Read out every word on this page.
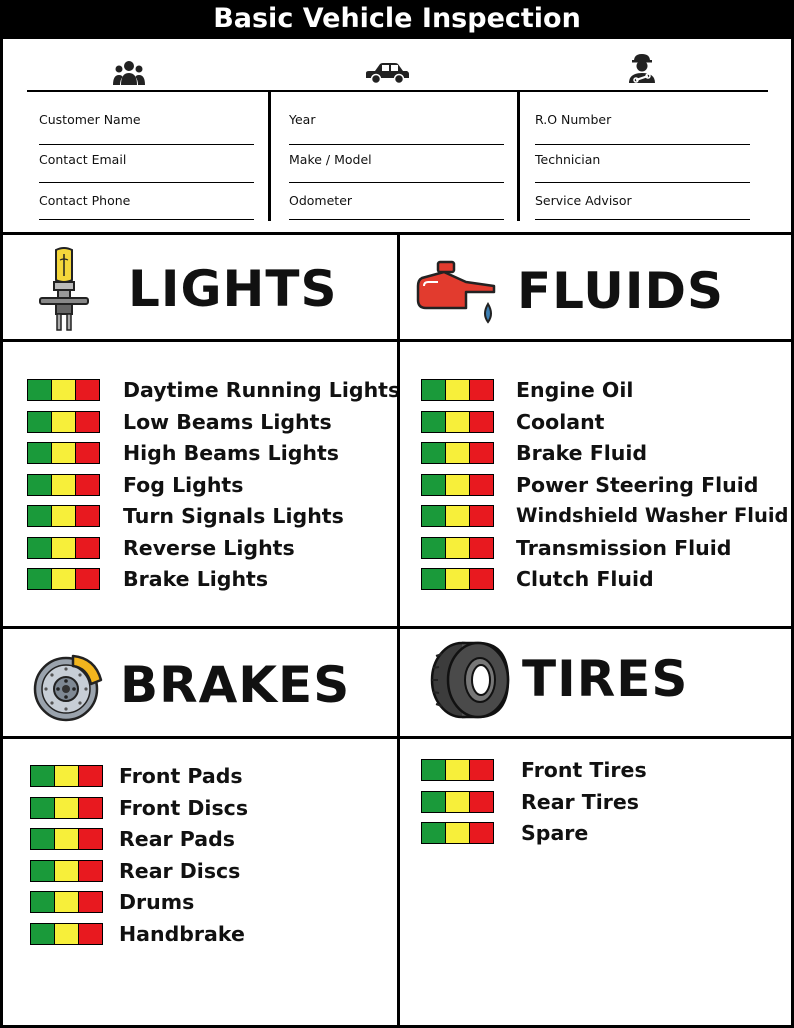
Basic Vehicle Inspection
Customer Name
Contact Email
Contact Phone
Year
Make / Model
Odometer
R.O Number
Technician
Service Advisor
LIGHTS
Daytime Running Lights
Low Beams Lights
High Beams Lights
Fog Lights
Turn Signals Lights
Reverse Lights
Brake Lights
FLUIDS
Engine Oil
Coolant
Brake Fluid
Power Steering Fluid
Windshield Washer Fluid
Transmission Fluid
Clutch Fluid
BRAKES
Front Pads
Front Discs
Rear Pads
Rear Discs
Drums
Handbrake
TIRES
Front Tires
Rear Tires
Spare
